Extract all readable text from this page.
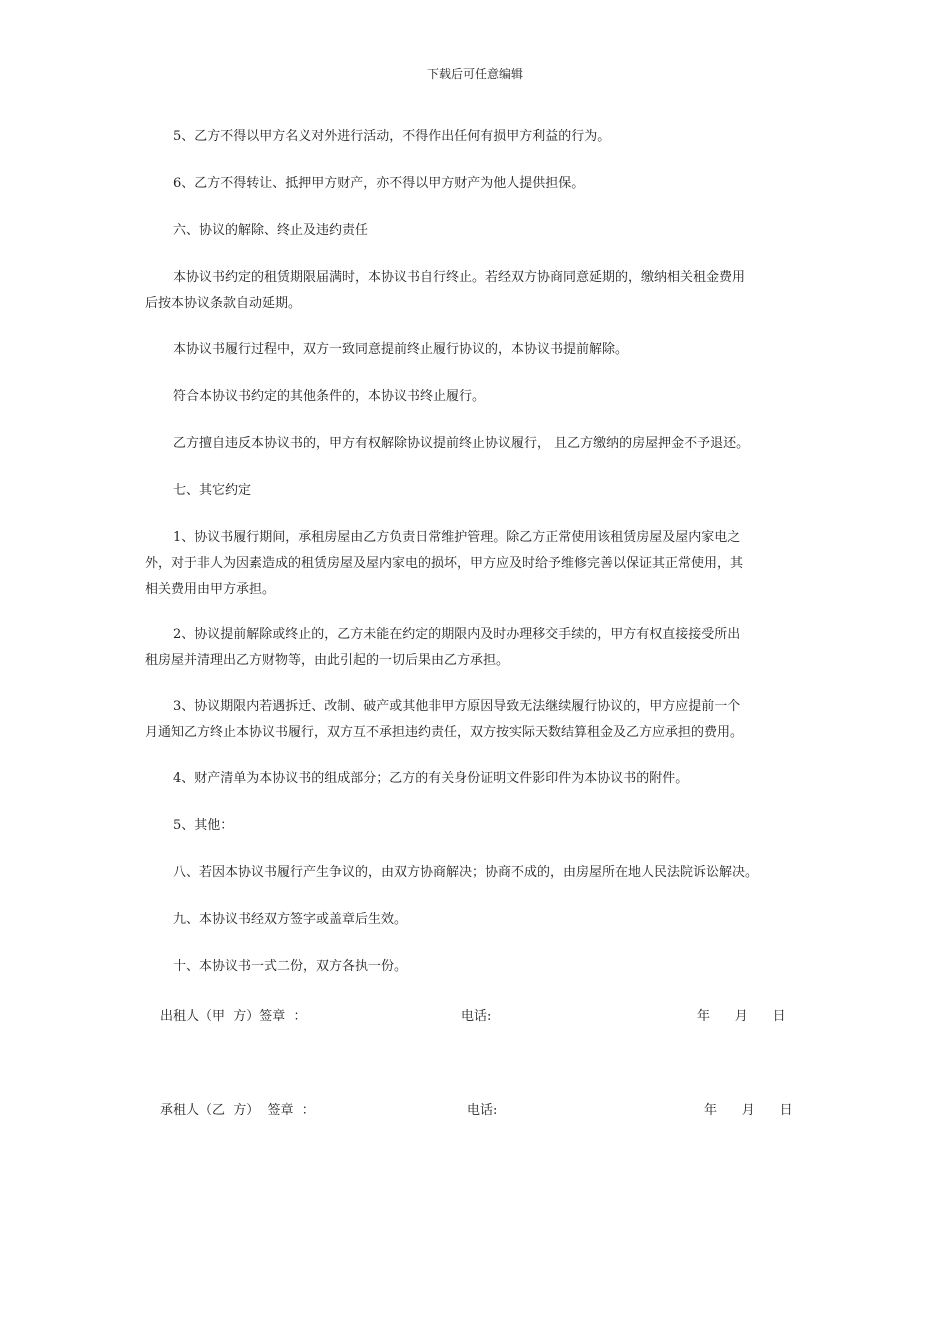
下载后可任意编辑
5、乙方不得以甲方名义对外进行活动，不得作出任何有损甲方利益的行为。
6、乙方不得转让、抵押甲方财产，亦不得以甲方财产为他人提供担保。
六、协议的解除、终止及违约责任
本协议书约定的租赁期限届满时，本协议书自行终止。若经双方协商同意延期的，缴纳相关租金费用
后按本协议条款自动延期。
本协议书履行过程中，双方一致同意提前终止履行协议的，本协议书提前解除。
符合本协议书约定的其他条件的，本协议书终止履行。
乙方擅自违反本协议书的，甲方有权解除协议提前终止协议履行， 且乙方缴纳的房屋押金不予退还。
七、其它约定
1、协议书履行期间，承租房屋由乙方负责日常维护管理。除乙方正常使用该租赁房屋及屋内家电之
外，对于非人为因素造成的租赁房屋及屋内家电的损坏，甲方应及时给予维修完善以保证其正常使用，其
相关费用由甲方承担。
2、协议提前解除或终止的，乙方未能在约定的期限内及时办理移交手续的，甲方有权直接接受所出
租房屋并清理出乙方财物等，由此引起的一切后果由乙方承担。
3、协议期限内若遇拆迁、改制、破产或其他非甲方原因导致无法继续履行协议的，甲方应提前一个
月通知乙方终止本协议书履行，双方互不承担违约责任，双方按实际天数结算租金及乙方应承担的费用。
4、财产清单为本协议书的组成部分；乙方的有关身份证明文件影印件为本协议书的附件。
5、其他：
八、若因本协议书履行产生争议的，由双方协商解决；协商不成的，由房屋所在地人民法院诉讼解决。
九、本协议书经双方签字或盖章后生效。
十、本协议书一式二份，双方各执一份。
出租人（甲  方）签章  ：	电话:	年      月      日
承租人（乙  方）  签章  ：	电话:	年      月      日
